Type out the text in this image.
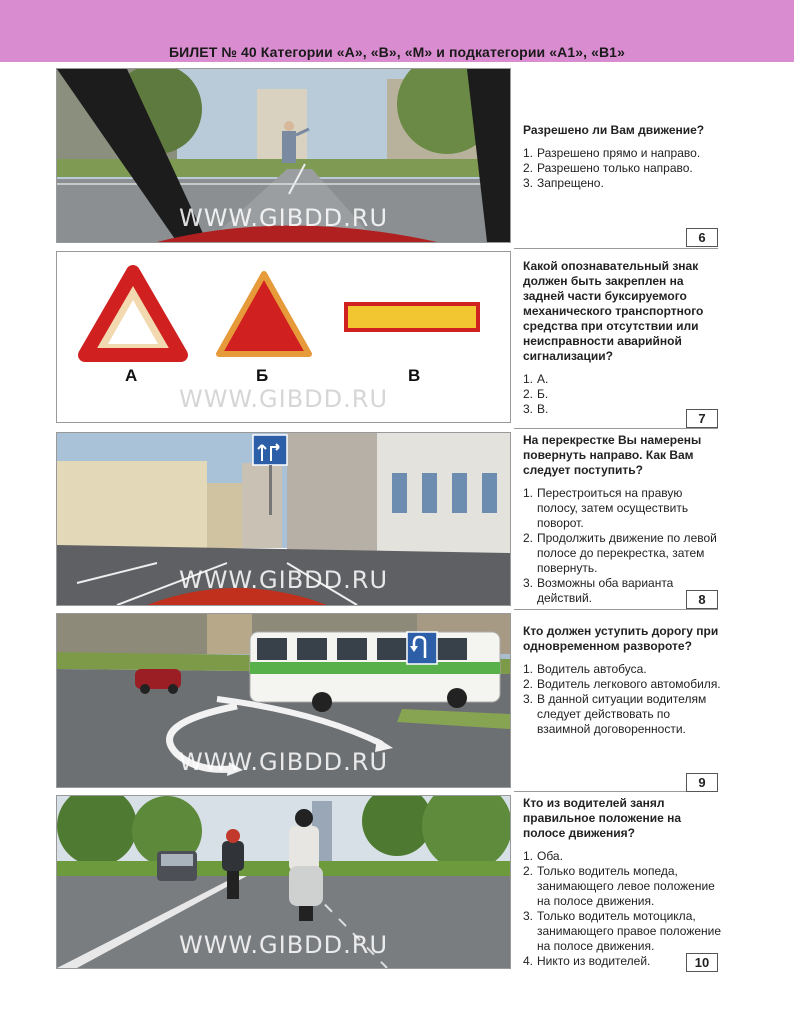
БИЛЕТ № 40 Категории «А», «В», «М» и подкатегории «А1», «В1»
WWW.GIBDD.RU

Разрешено ли Вам движение?

1. Разрешено прямо и направо.
2. Разрешено только направо.
3. Запрещено.
6
А	Б	В
WWW.GIBDD.RU

Какой опознавательный знак должен быть закреплен на задней части буксируемого механического транспортного средства при отсутствии или неисправности аварийной сигнализации?

1. А.
2. Б.
3. В.
7
WWW.GIBDD.RU

На перекрестке Вы намерены повернуть направо. Как Вам следует поступить?

1. Перестроиться на правую полосу, затем осуществить поворот.
2. Продолжить движение по левой полосе до перекрестка, затем повернуть.
3. Возможны оба варианта действий.	8
WWW.GIBDD.RU

Кто должен уступить дорогу при одновременном развороте?

1. Водитель автобуса.
2. Водитель легкового автомобиля.
3. В данной ситуации водителям следует действовать по взаимной договоренности.
9
WWW.GIBDD.RU

Кто из водителей занял правильное положение на полосе движения?

1. Оба.
2. Только водитель мопеда, занимающего левое положение на полосе движения.
3. Только водитель мотоцикла, занимающего правое положение на полосе движения.
4. Никто из водителей.	10
